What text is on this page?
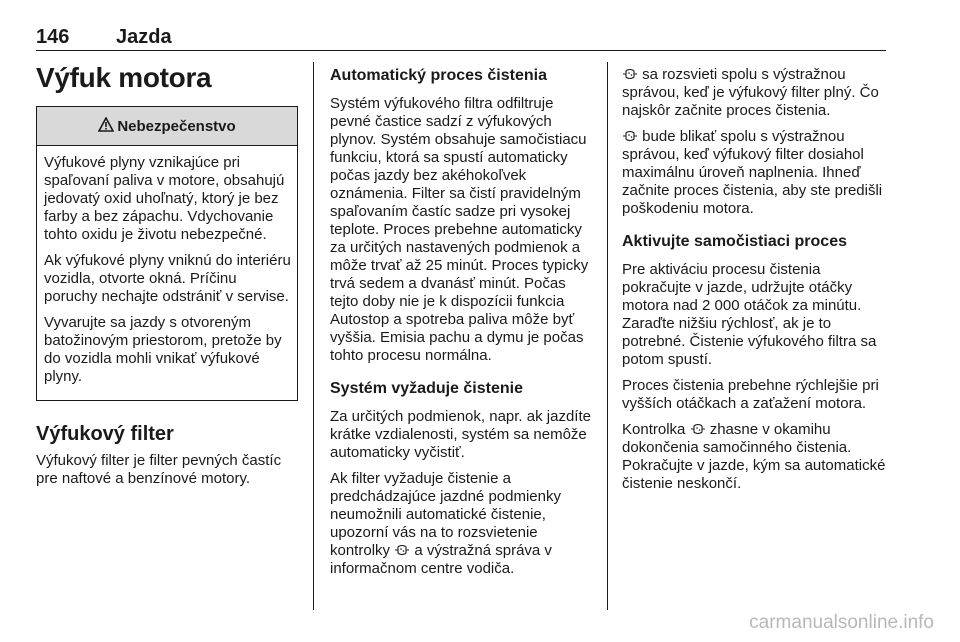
146 Jazda
Výfuk motora
Nebezpečenstvo

Výfukové plyny vznikajúce pri spaľovaní paliva v motore, obsahujú jedovatý oxid uhoľnatý, ktorý je bez farby a bez zápachu. Vdychovanie tohto oxidu je životu nebezpečné.

Ak výfukové plyny vniknú do interiéru vozidla, otvorte okná. Príčinu poruchy nechajte odstrániť v servise.

Vyvarujte sa jazdy s otvoreným batožinovým priestorom, pretože by do vozidla mohli vnikať výfukové plyny.

Výfukový filter

Výfukový filter je filter pevných častíc pre naftové a benzínové motory.

Automatický proces čistenia

Systém výfukového filtra odfiltruje pevné častice sadzí z výfukových plynov. Systém obsahuje samočistiacu funkciu, ktorá sa spustí automaticky počas jazdy bez akéhokoľvek oznámenia. Filter sa čistí pravidelným spaľovaním častíc sadze pri vysokej teplote. Proces prebehne automaticky za určitých nastavených podmienok a môže trvať až 25 minút. Proces typicky trvá sedem a dvanásť minút. Počas tejto doby nie je k dispozícii funkcia Autostop a spotreba paliva môže byť vyššia. Emisia pachu a dymu je počas tohto procesu normálna.

Systém vyžaduje čistenie

Za určitých podmienok, napr. ak jazdíte krátke vzdialenosti, systém sa nemôže automaticky vyčistiť.

Ak filter vyžaduje čistenie a predchádzajúce jazdné podmienky neumožnili automatické čistenie, upozorní vás na to rozsvietenie kontrolky  a výstražná správa v informačnom centre vodiča.

sa rozsvieti spolu s výstražnou správou, keď je výfukový filter plný. Čo najskôr začnite proces čistenia.

bude blikať spolu s výstražnou správou, keď výfukový filter dosiahol maximálnu úroveň naplnenia. Ihneď začnite proces čistenia, aby ste predišli poškodeniu motora.

Aktivujte samočistiaci proces

Pre aktiváciu procesu čistenia pokračujte v jazde, udržujte otáčky motora nad 2 000 otáčok za minútu. Zaraďte nižšiu rýchlosť, ak je to potrebné. Čistenie výfukového filtra sa potom spustí.

Proces čistenia prebehne rýchlejšie pri vyšších otáčkach a zaťažení motora.

Kontrolka  zhasne v okamihu dokončenia samočinného čistenia. Pokračujte v jazde, kým sa automatické čistenie neskončí.

carmanualsonline.info
